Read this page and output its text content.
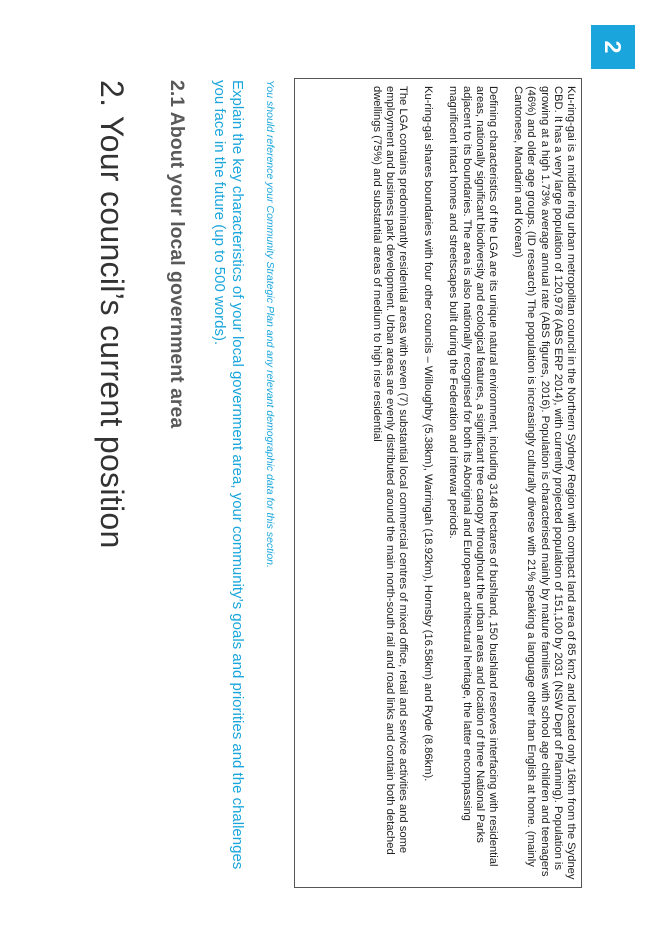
2
2. Your council’s current position 2.1 About your local government area	Explain the key characteristics of your local government area, your community’s goals and priorities and the challenges you face in the future (up to 500 words).	You should reference your Community Strategic Plan and any relevant demographic data for this section.	Ku-ring-gai is a middle ring urban metropolitan council in the Northern Sydney Region with compact land area of 85 km2 and located only 16km from the Sydney CBD. It has a very large population of 120,978 (ABS ERP 2014), with currently projected population of 151,100 by 2031 (NSW Dept of Planning). Population is growing at a high 1.73% average annual rate (ABS figures, 2016). Population is characterised mainly by mature families with school age children and teenagers (46%) and older age groups. (ID research) The population is increasingly culturally diverse with 21% speaking a language other than English at home. (mainly Cantonese, Mandarin and Korean)

Defining characteristics of the LGA are its unique natural environment, including 3148 hectares of bushland, 150 bushland reserves interfacing with residential areas, nationally significant biodiversity and ecological features, a significant tree canopy throughout the urban areas and location of three National Parks adjacent to its boundaries. The area is also nationally recognised for both its Aboriginal and European architectural heritage, the latter encompassing magnificent intact homes and streetscapes built during the Federation and interwar periods.

Ku-ring-gai shares boundaries with four other councils – Willoughby (5.38km), Warringah (18.92km), Hornsby (16.58km) and Ryde (8.86km).

The LGA contains predominantly residential areas with seven (7) substantial local commercial centres of mixed office, retail and service activities and some employment and business park development. Urban areas are evenly distributed around the main north-south rail and road links and contain both detached dwellings (75%) and substantial areas of medium to high rise residential
